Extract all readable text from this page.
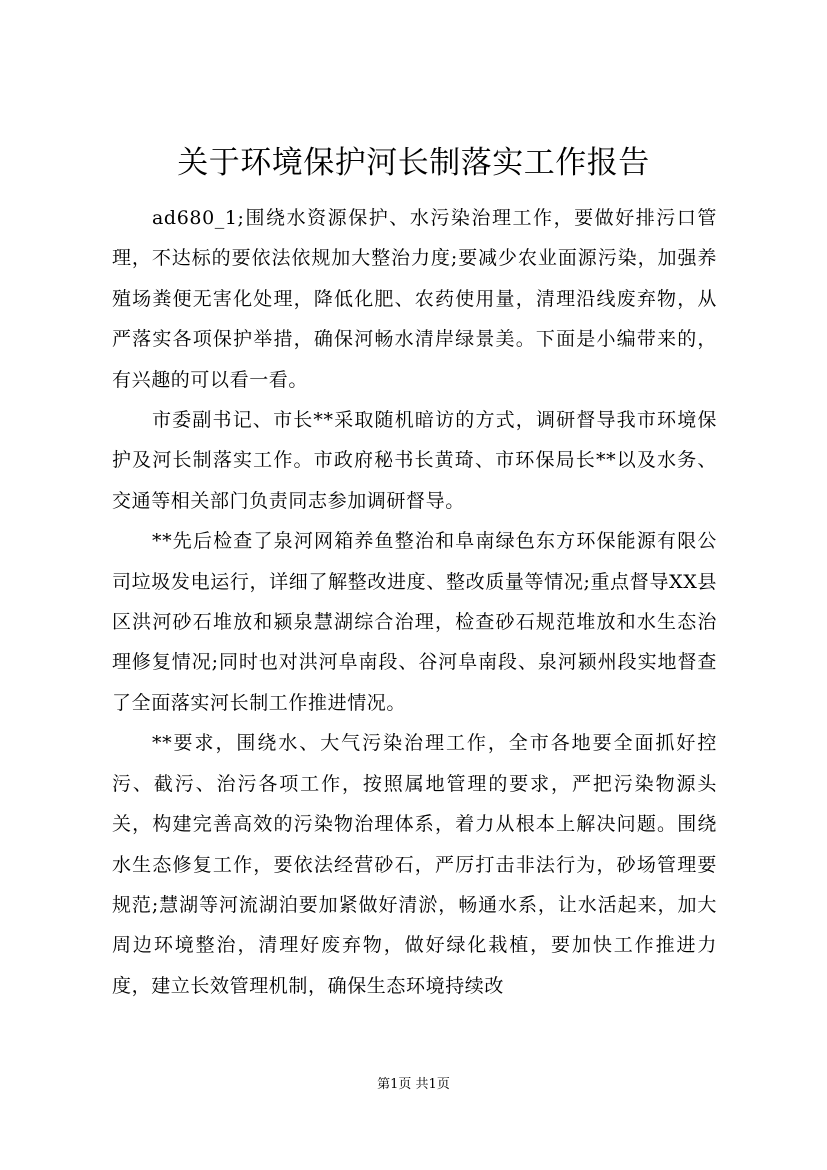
关于环境保护河长制落实工作报告

ad680_1;围绕水资源保护、水污染治理工作，要做好排污口管理，不达标的要依法依规加大整治力度;要减少农业面源污染，加强养殖场粪便无害化处理，降低化肥、农药使用量，清理沿线废弃物，从严落实各项保护举措，确保河畅水清岸绿景美。下面是小编带来的，有兴趣的可以看一看。

市委副书记、市长**采取随机暗访的方式，调研督导我市环境保护及河长制落实工作。市政府秘书长黄琦、市环保局长**以及水务、交通等相关部门负责同志参加调研督导。

**先后检查了泉河网箱养鱼整治和阜南绿色东方环保能源有限公司垃圾发电运行，详细了解整改进度、整改质量等情况;重点督导XX县区洪河砂石堆放和颍泉慧湖综合治理，检查砂石规范堆放和水生态治理修复情况;同时也对洪河阜南段、谷河阜南段、泉河颍州段实地督查了全面落实河长制工作推进情况。

**要求，围绕水、大气污染治理工作，全市各地要全面抓好控污、截污、治污各项工作，按照属地管理的要求，严把污染物源头关，构建完善高效的污染物治理体系，着力从根本上解决问题。围绕水生态修复工作，要依法经营砂石，严厉打击非法行为，砂场管理要规范;慧湖等河流湖泊要加紧做好清淤，畅通水系，让水活起来，加大周边环境整治，清理好废弃物，做好绿化栽植，要加快工作推进力度，建立长效管理机制，确保生态环境持续改

第1页 共1页
